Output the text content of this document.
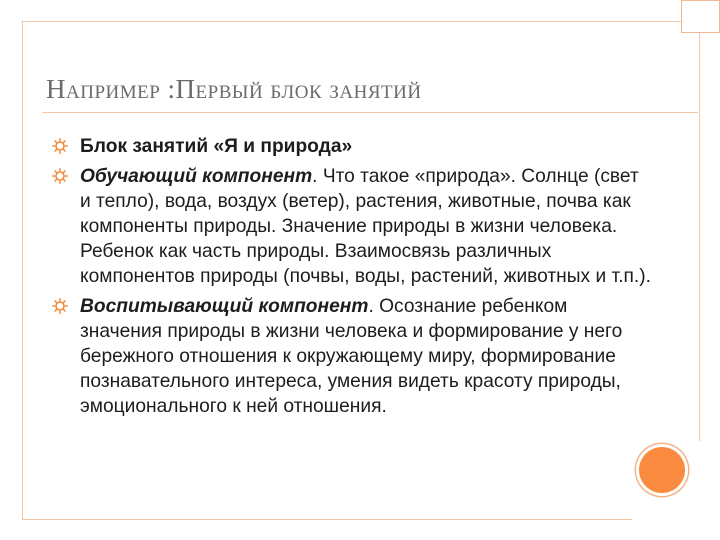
Например :Первый блок занятий
Блок занятий «Я и природа»
Обучающий компонент. Что такое «природа». Солнце (свет и тепло), вода, воздух (ветер), растения, животные, почва как компоненты природы. Значение природы в жизни человека. Ребенок как часть природы. Взаимосвязь различных компонентов природы (почвы, воды, растений, животных и т.п.).
Воспитывающий компонент. Осознание ребенком значения природы в жизни человека и формирование у него бережного отношения к окружающему миру, формирование познавательного интереса, умения видеть красоту природы, эмоционального к ней отношения.
